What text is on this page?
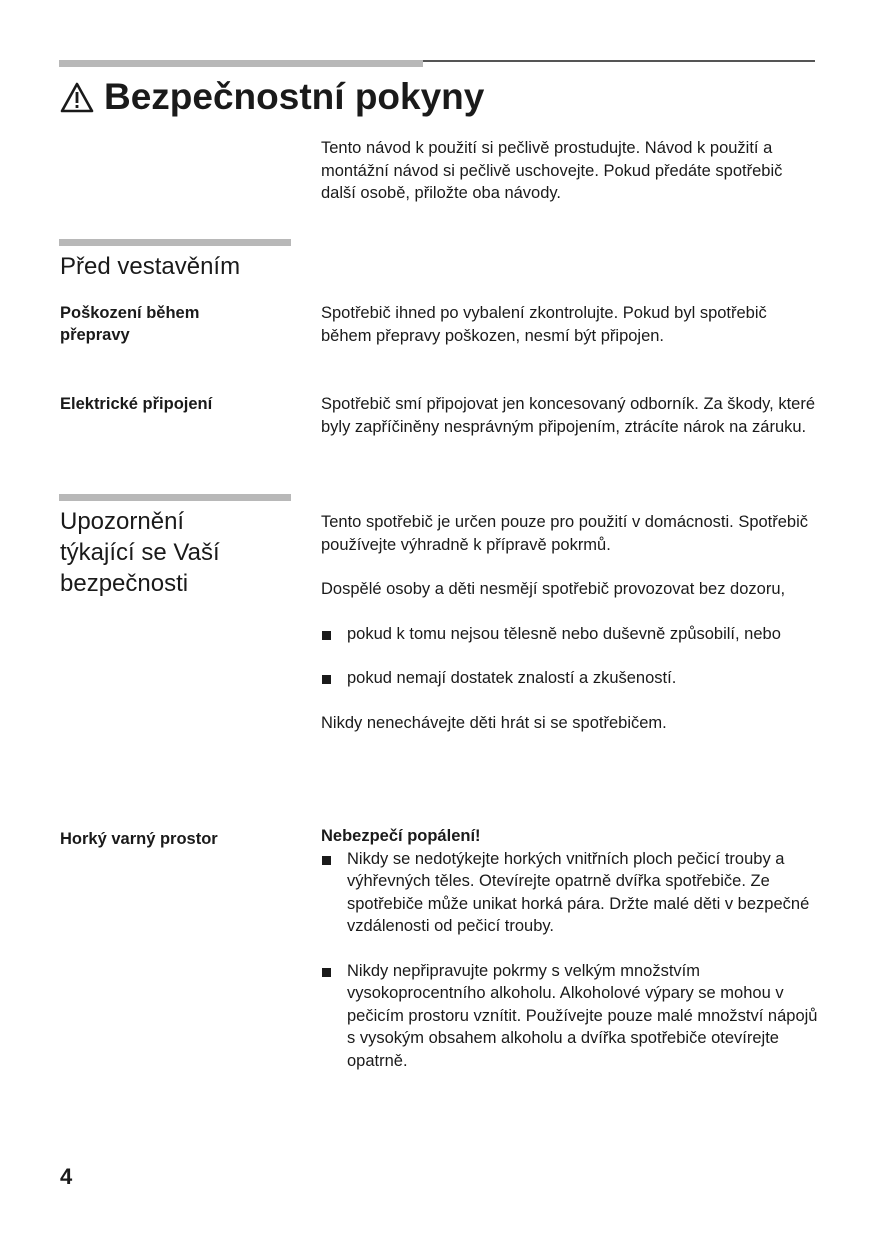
Bezpečnostní pokyny

Tento návod k použití si pečlivě prostudujte. Návod k použití a montážní návod si pečlivě uschovejte. Pokud předáte spotřebič další osobě, přiložte oba návody.

Před vestavěním
Poškození během přepravy

Spotřebič ihned po vybalení zkontrolujte. Pokud byl spotřebič během přepravy poškozen, nesmí být připojen.

Elektrické připojení	Spotřebič smí připojovat jen koncesovaný odborník. Za škody, které byly zapříčiněny nesprávným připojením, ztrácíte nárok na záruku.

Upozornění týkající se Vaší bezpečnosti

Tento spotřebič je určen pouze pro použití v domácnosti. Spotřebič používejte výhradně k přípravě pokrmů.

Dospělé osoby a děti nesmějí spotřebič provozovat bez dozoru,

pokud k tomu nejsou tělesně nebo duševně způsobilí, nebo
pokud nemají dostatek znalostí a zkušeností.

Nikdy nenechávejte děti hrát si se spotřebičem.

Horký varný prostor	Nebezpečí popálení!

Nikdy se nedotýkejte horkých vnitřních ploch pečicí trouby a výhřevných těles. Otevírejte opatrně dvířka spotřebiče. Ze spotřebiče může unikat horká pára. Držte malé děti v bezpečné vzdálenosti od pečicí trouby.
Nikdy nepřipravujte pokrmy s velkým množstvím vysokoprocentního alkoholu. Alkoholové výpary se mohou v pečicím prostoru vznítit. Používejte pouze malé množství nápojů s vysokým obsahem alkoholu a dvířka spotřebiče otevírejte opatrně.
4
